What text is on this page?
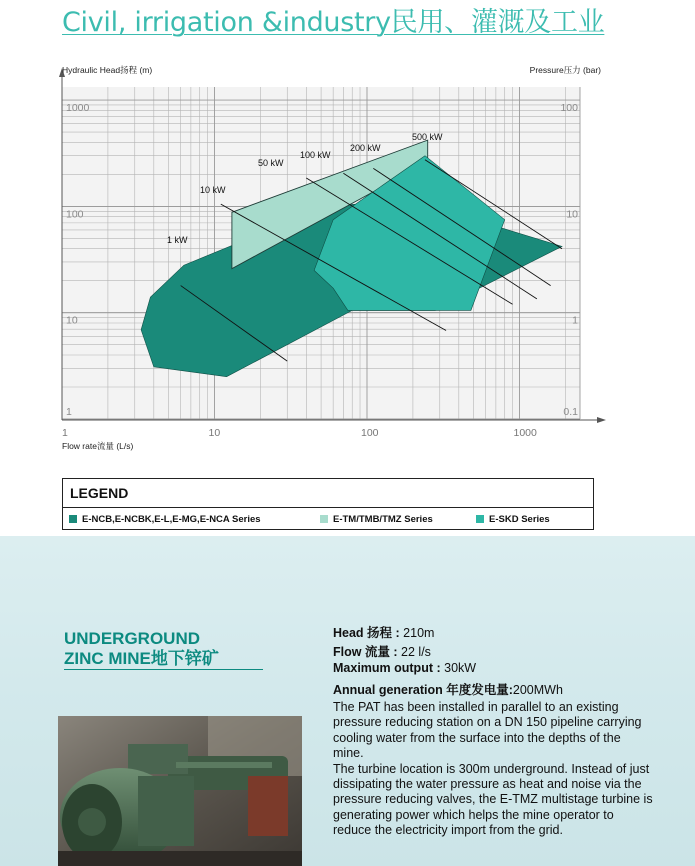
Civil, irrigation &industry民用、灌溉及工业
1 kW
10 kW
50 kW
100 kW
200 kW
500 kW
1	10	100	1000
1
10
100
1000
0.1
1
10
100
Hydraulic Head扬程 (m)	Pressure压力 (bar)
Flow rate流量 (L/s)
LEGEND
E-NCB,E-NCBK,E-L,E-MG,E-NCA Series	E-TM/TMB/TMZ Series	E-SKD Series
UNDERGROUND
ZINC MINE地下锌矿
Head 扬程 : 210m
Flow 流量 : 22 l/s
Maximum output : 30kW
Annual generation 年度发电量:200MWh

The PAT has been installed in parallel to an existing pressure reducing station on a DN 150 pipeline carrying cooling water from the surface into the depths of the mine.

The turbine location is 300m underground. Instead of just dissipating the water pressure as heat and noise via the pressure reducing valves, the E-TMZ multistage turbine is generating power which helps the mine operator to reduce the electricity import from the grid.
